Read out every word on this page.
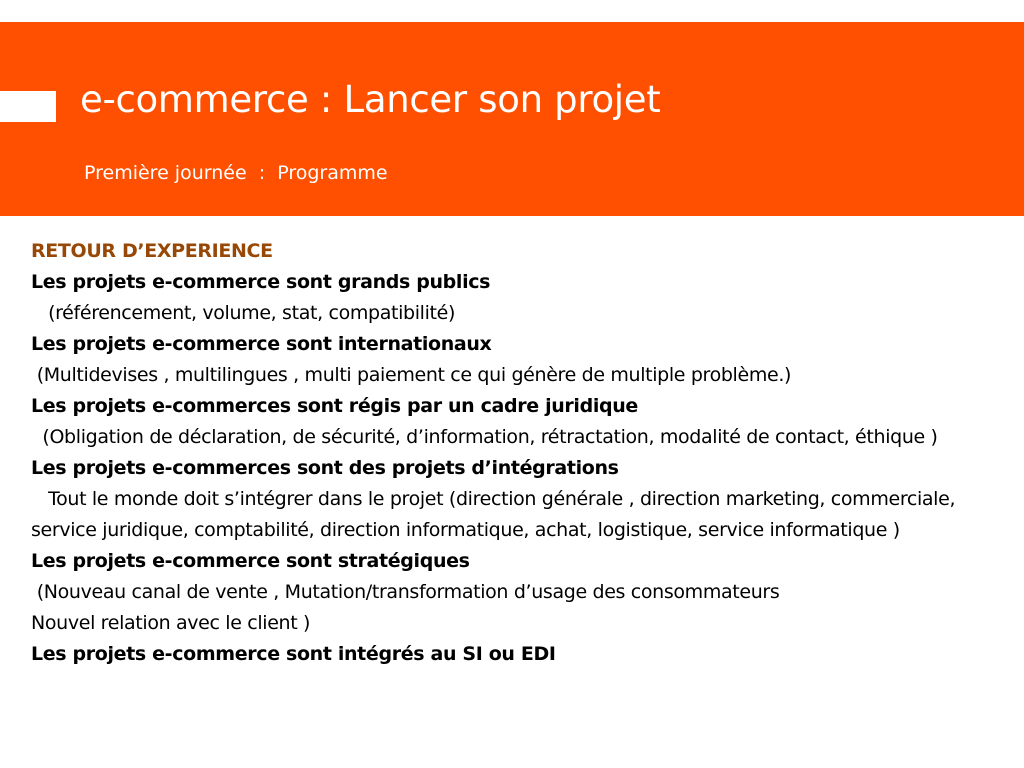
e-commerce : Lancer son projet

Première journée  :  Programme

RETOUR D’EXPERIENCE

Les projets e-commerce sont grands publics

(référencement, volume, stat, compatibilité)

Les projets e-commerce sont internationaux

(Multidevises , multilingues , multi paiement ce qui génère de multiple problème.)

Les projets e-commerces sont régis par un cadre juridique

(Obligation de déclaration, de sécurité, d’information, rétractation, modalité de contact, éthique )

Les projets e-commerces sont des projets d’intégrations

Tout le monde doit s’intégrer dans le projet (direction générale , direction marketing, commerciale, service juridique, comptabilité, direction informatique, achat, logistique, service informatique )

Les projets e-commerce sont stratégiques

(Nouveau canal de vente , Mutation/transformation d’usage des consommateurs

Nouvel relation avec le client )

Les projets e-commerce sont intégrés au SI ou EDI
